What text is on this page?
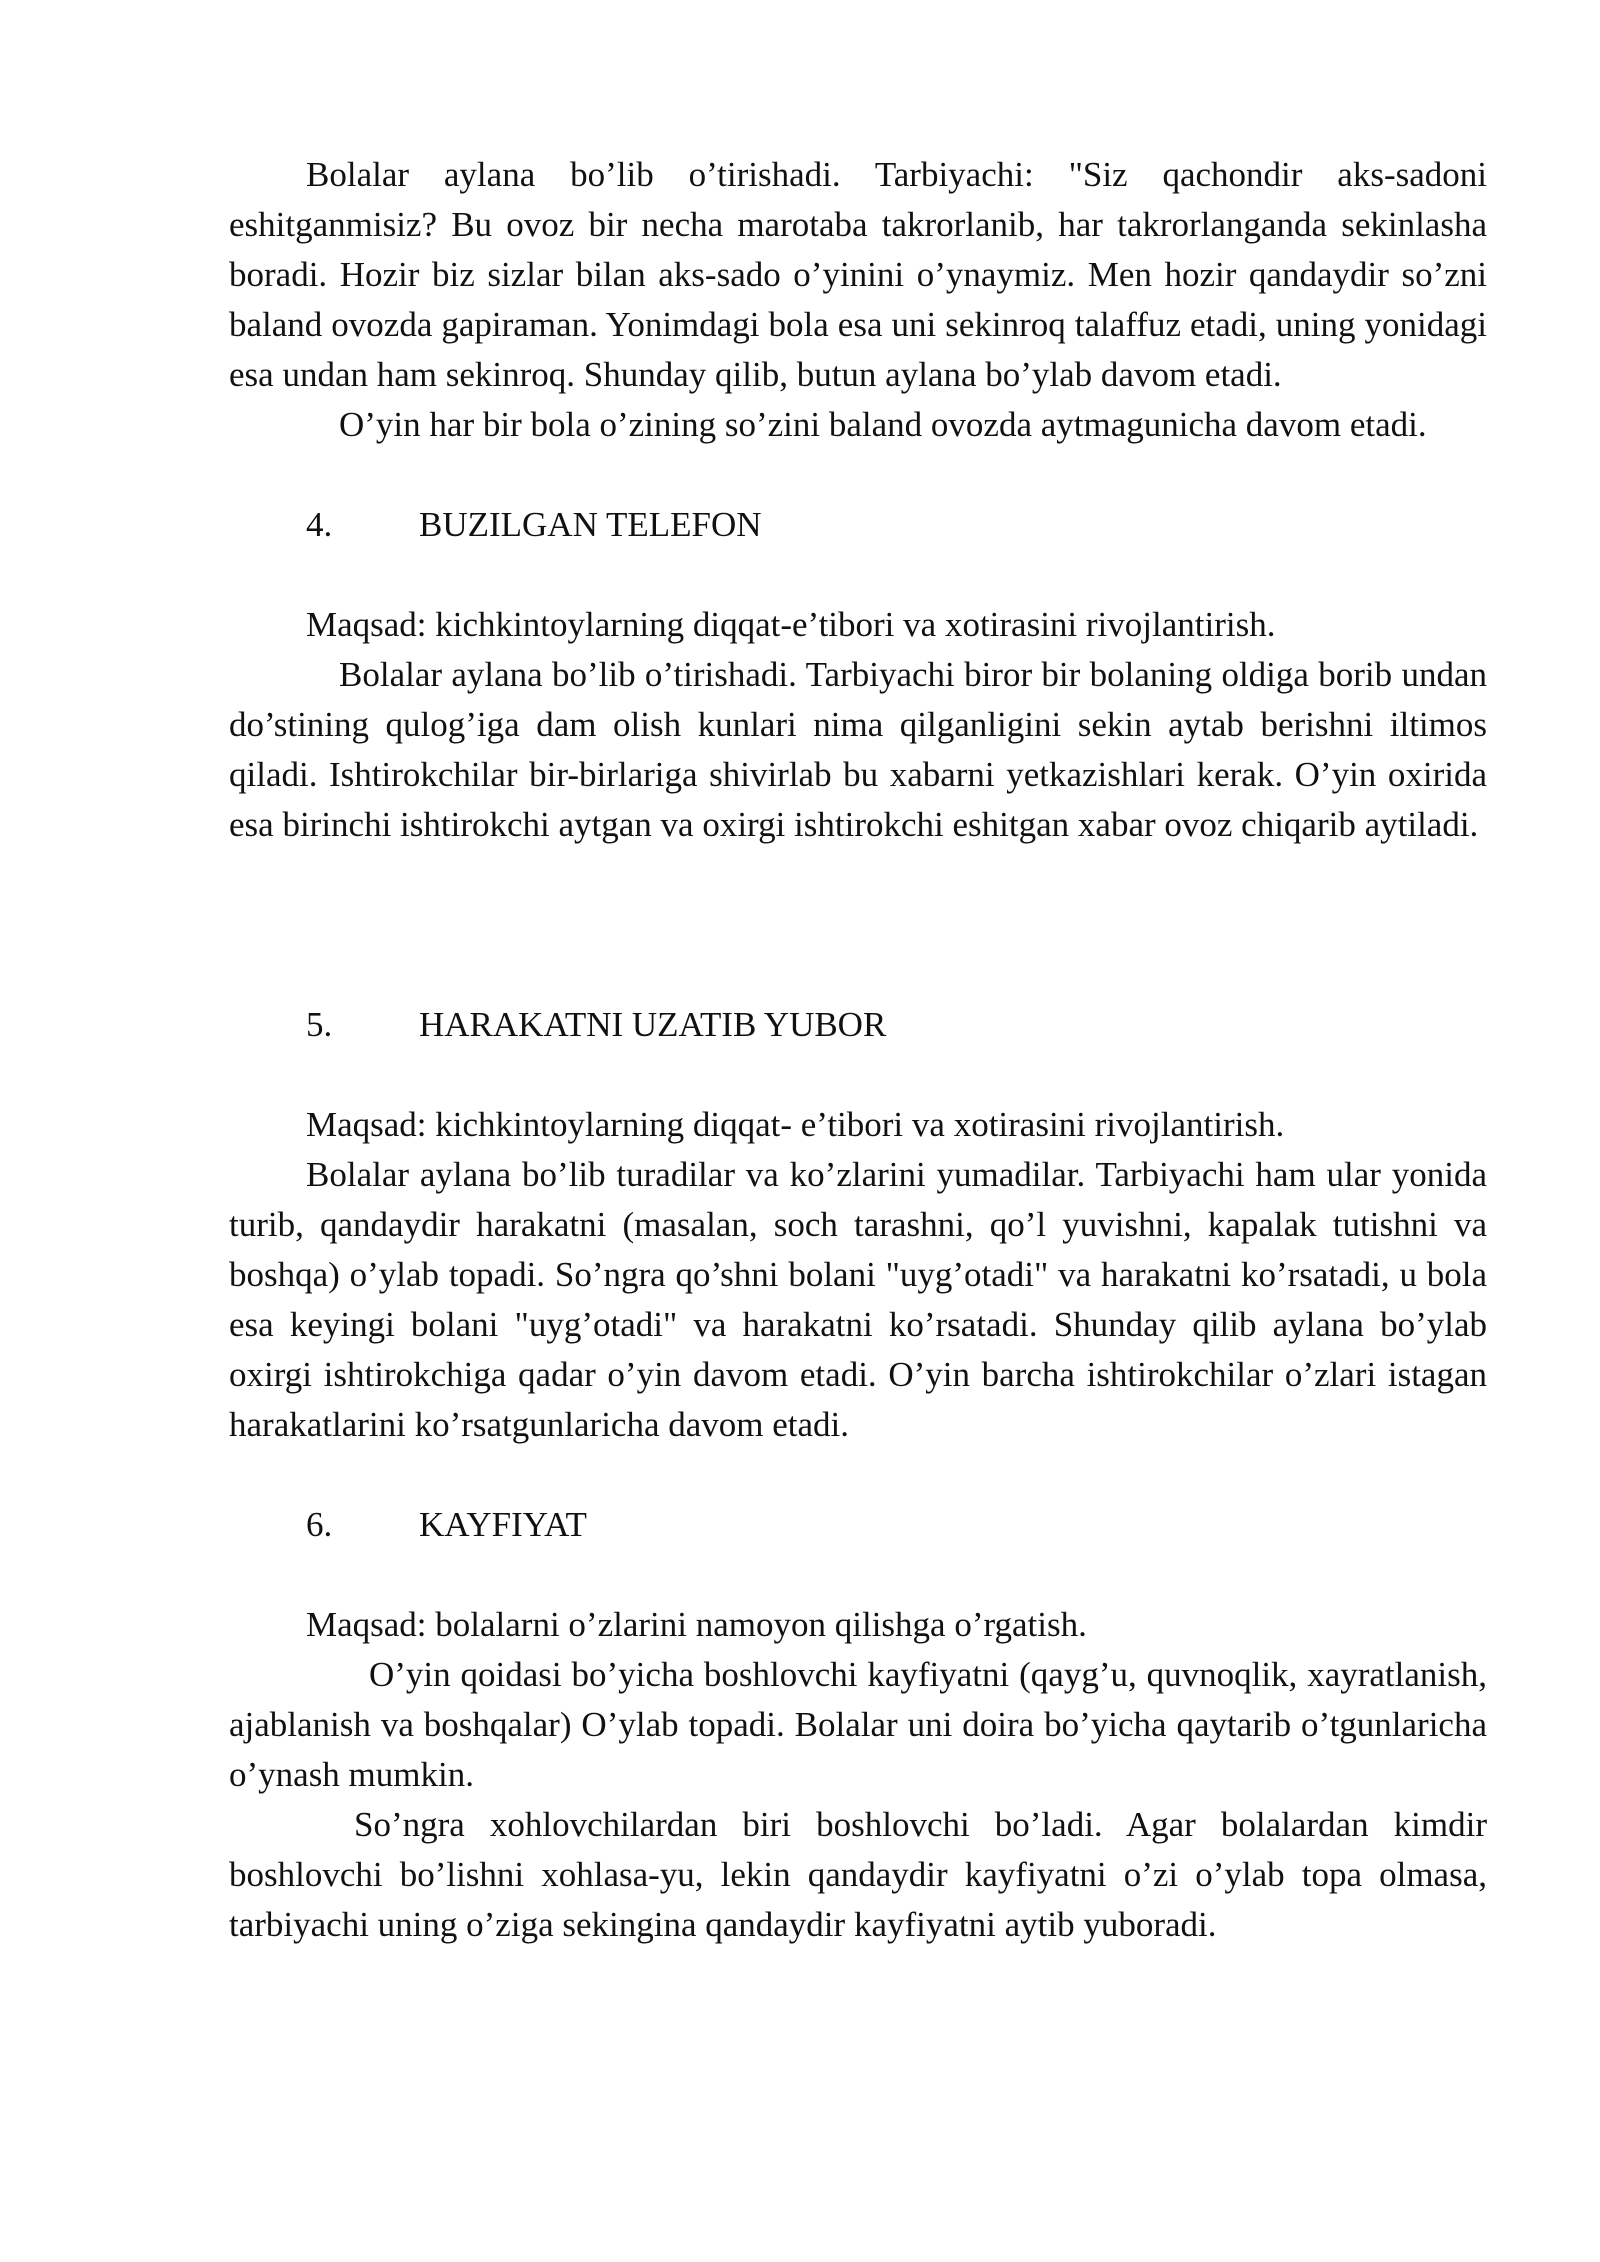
Bolalar aylana bo’lib o’tirishadi. Tarbiyachi: "Siz qachondir aks-sadoni eshitganmisiz? Bu ovoz bir necha marotaba takrorlanib, har takrorlanganda sekinlasha boradi. Hozir biz sizlar bilan aks-sado o’yinini o’ynaymiz. Men hozir qandaydir so’zni baland ovozda gapiraman. Yonimdagi bola esa uni sekinroq talaffuz etadi, uning yonidagi esa undan ham sekinroq. Shunday qilib, butun aylana bo’ylab davom etadi.

O’yin har bir bola o’zining so’zini baland ovozda aytmagunicha davom etadi.

4. BUZILGAN TELEFON

Maqsad: kichkintoylarning diqqat-e’tibori va xotirasini rivojlantirish.

Bolalar aylana bo’lib o’tirishadi. Tarbiyachi biror bir bolaning oldiga borib undan do’stining qulog’iga dam olish kunlari nima qilganligini sekin aytab berishni iltimos qiladi. Ishtirokchilar bir-birlariga shivirlab bu xabarni yetkazishlari kerak. O’yin oxirida esa birinchi ishtirokchi aytgan va oxirgi ishtirokchi eshitgan xabar ovoz chiqarib aytiladi.

5. HARAKATNI UZATIB YUBOR

Maqsad: kichkintoylarning diqqat- e’tibori va xotirasini rivojlantirish.

Bolalar aylana bo’lib turadilar va ko’zlarini yumadilar. Tarbiyachi ham ular yonida turib, qandaydir harakatni (masalan, soch tarashni, qo’l yuvishni, kapalak tutishni va boshqa) o’ylab topadi. So’ngra qo’shni bolani "uyg’otadi" va harakatni ko’rsatadi, u bola esa keyingi bolani "uyg’otadi" va harakatni ko’rsatadi. Shunday qilib aylana bo’ylab oxirgi ishtirokchiga qadar o’yin davom etadi. O’yin barcha ishtirokchilar o’zlari istagan harakatlarini ko’rsatgunlaricha davom etadi.

6. KAYFIYAT

Maqsad: bolalarni o’zlarini namoyon qilishga o’rgatish.

O’yin qoidasi bo’yicha boshlovchi kayfiyatni (qayg’u, quvnoqlik, xayratlanish, ajablanish va boshqalar) O’ylab topadi. Bolalar uni doira bo’yicha qaytarib o’tgunlaricha o’ynash mumkin.

So’ngra xohlovchilardan biri boshlovchi bo’ladi. Agar bolalardan kimdir boshlovchi bo’lishni xohlasa-yu, lekin qandaydir kayfiyatni o’zi o’ylab topa olmasa, tarbiyachi uning o’ziga sekingina qandaydir kayfiyatni aytib yuboradi.
